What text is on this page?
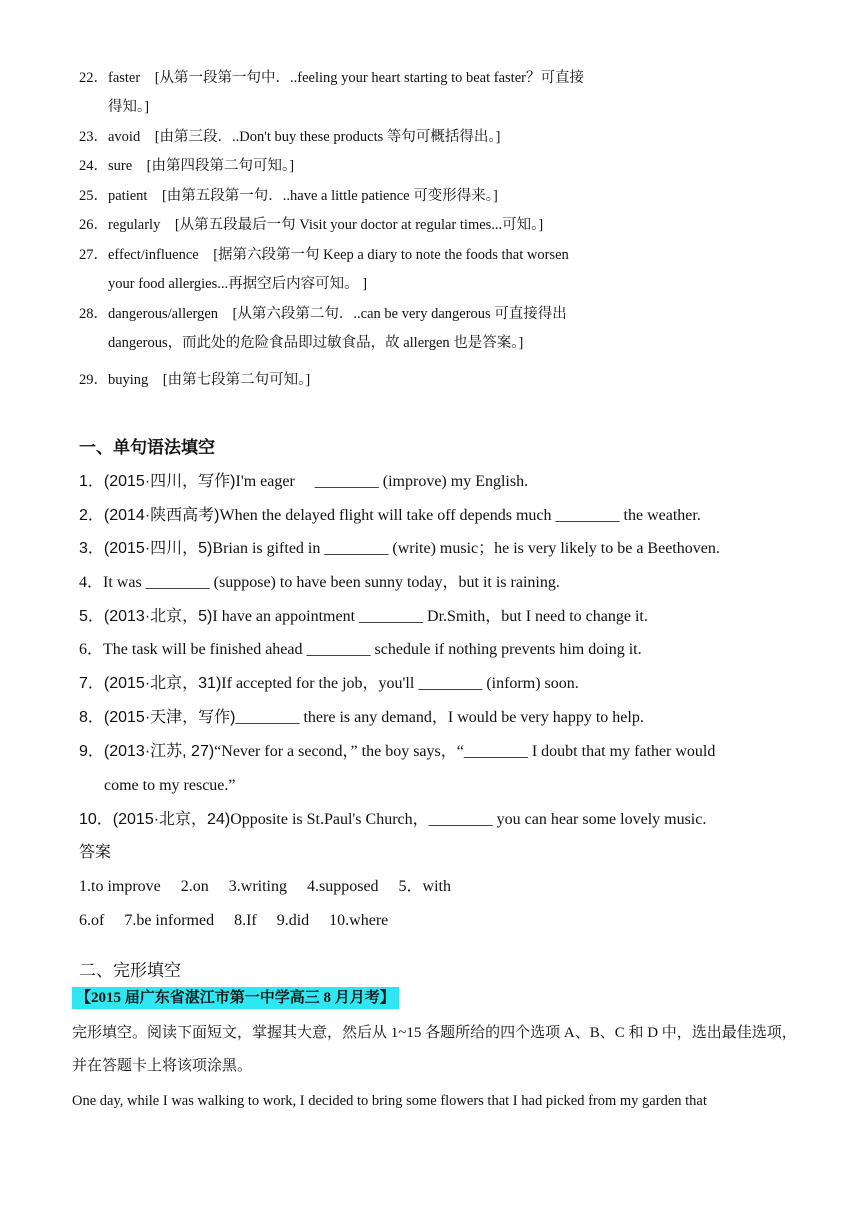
22．faster　[从第一段第一句中．..feeling your heart starting to beat faster？可直接
得知。]
23．avoid　[由第三段．..Don't buy these products 等句可概括得出。]
24．sure　[由第四段第二句可知。]
25．patient　[由第五段第一句．..have a little patience 可变形得来。]
26．regularly　[从第五段最后一句 Visit your doctor at regular times...可知。]
27．effect/influence　[据第六段第一句 Keep a diary to note the foods that worsen
your food allergies...再据空后内容可知。 ]
28．dangerous/allergen　[从第六段第二句．..can be very dangerous 可直接得出
dangerous，而此处的危险食品即过敏食品，故 allergen 也是答案。]
29．buying　[由第七段第二句可知。]
一、单句语法填空
1．(2015·四川，写作)I'm eager　 ________ (improve) my English.
2．(2014·陕西高考)When the delayed flight will take off depends much ________ the weather.
3．(2015·四川，5)Brian is gifted in ________ (write) music；he is very likely to be a Beethoven.
4．It was ________ (suppose) to have been sunny today，but it is raining.
5．(2013·北京，5)I have an appointment ________ Dr.Smith，but I need to change it.
6．The task will be finished ahead ________ schedule if nothing prevents him doing it.
7．(2015·北京，31)If accepted for the job，you'll ________ (inform) soon.
8．(2015·天津，写作)________ there is any demand，I would be very happy to help.
9．(2013·江苏, 27)“Never for a second，” the boy says，“________ I doubt that my father would
come to my rescue.”
10．(2015·北京，24)Opposite is St.Paul's Church，________ you can hear some lovely music.
答案
1.to improve　 2.on　 3.writing　 4.supposed　 5．with
6.of　 7.be informed　 8.If　 9.did　 10.where
二、完形填空
【2015 届广东省湛江市第一中学高三 8 月月考】
完形填空。阅读下面短文，掌握其大意，然后从 1~15 各题所给的四个选项 A、B、C 和 D 中，选出最佳选项，
并在答题卡上将该项涂黑。
One day, while I was walking to work, I decided to bring some flowers that I had picked from my garden that
